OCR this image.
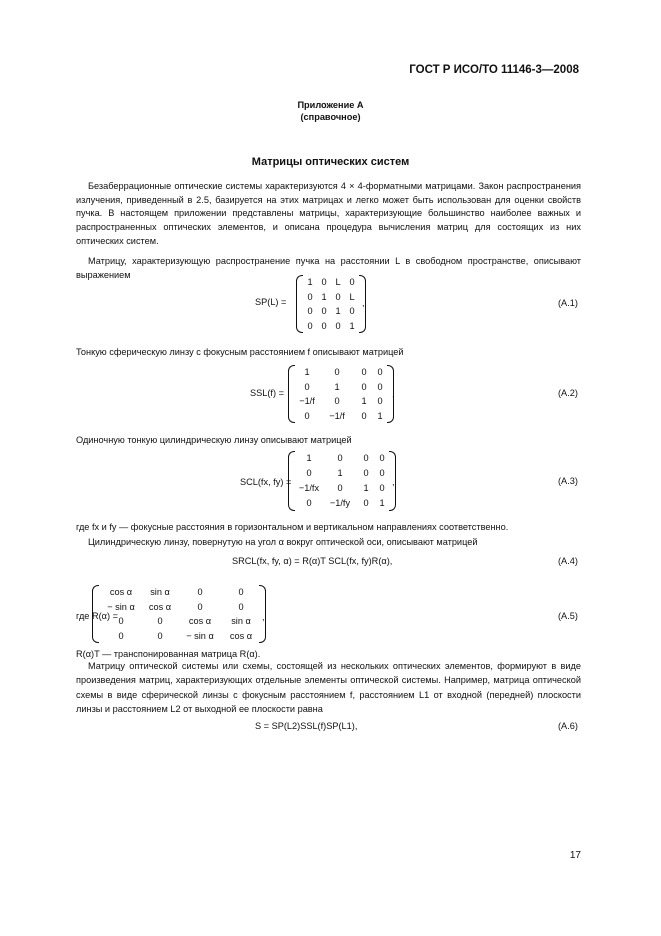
ГОСТ Р ИСО/ТО 11146-3—2008
Приложение А
(справочное)
Матрицы оптических систем
Безаберрационные оптические системы характеризуются 4 × 4-форматными матрицами. Закон распространения излучения, приведенный в 2.5, базируется на этих матрицах и легко может быть использован для оценки свойств пучка. В настоящем приложении представлены матрицы, характеризующие большинство наиболее важных и распространенных оптических элементов, и описана процедура вычисления матриц для состоящих из них оптических систем.
Матрицу, характеризующую распространение пучка на расстоянии L в свободном пространстве, описывают выражением
SP(L) =
1 0 L 0
0 1 0 L
0 0 1 0
0 0 0 1
,	(A.1)
Тонкую сферическую линзу с фокусным расстоянием f описывают матрицей
SSL(f) =
1	0	0	0
0	1	0	0
−1/f	0	1	0
0	−1/f	0	1
,	(A.2)
Одиночную тонкую цилиндрическую линзу описывают матрицей
SCL(fx, fy) =
1	0	0	0
0	1	0	0
−1/fx	0	1	0
0	−1/fy	0	1
,	(A.3)
где fx и fy — фокусные расстояния в горизонтальном и вертикальном направлениях соответственно.
Цилиндрическую линзу, повернутую на угол α вокруг оптической оси, описывают матрицей
SRCL(fx, fy, α) = R(α)T SCL(fx, fy)R(α),	(A.4)
где R(α) =
cos α	sin α	0	0
− sin α	cos α	0	0
0	0	cos α	sin α
0	0	− sin α	cos α
,	(A.5)
R(α)T — транспонированная матрица R(α).
Матрицу оптической системы или схемы, состоящей из нескольких оптических элементов, формируют в виде произведения матриц, характеризующих отдельные элементы оптической системы. Например, матрица оптической схемы в виде сферической линзы с фокусным расстоянием f, расстоянием L1 от входной (передней) плоскости линзы и расстоянием L2 от выходной ее плоскости равна
S = SP(L2)SSL(f)SP(L1),	(A.6)
17
